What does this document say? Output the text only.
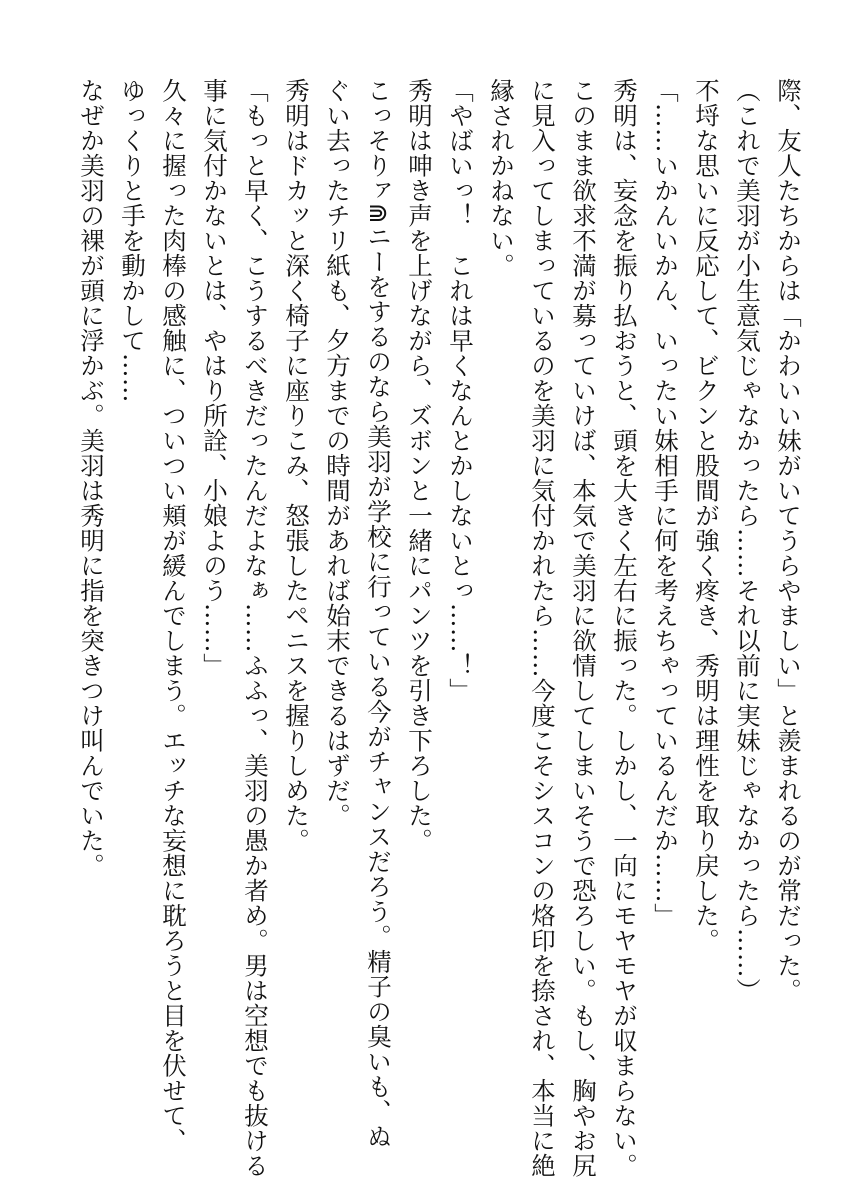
際、友人たちからは「かわいい妹がいてうらやましい」と羨まれるのが常だった。

（これで美羽が小生意気じゃなかったら……それ以前に実妹じゃなかったら……）

不埒な思いに反応して、ビクンと股間が強く疼き、秀明は理性を取り戻した。

「……いかんいかん、いったい妹相手に何を考えちゃっているんだか……」

秀明は、妄念を振り払おうと、頭を大きく左右に振った。しかし、一向にモヤモヤが収まらない。

このまま欲求不満が募っていけば、本気で美羽に欲情してしまいそうで恐ろしい。もし、胸やお尻

に見入ってしまっているのを美羽に気付かれたら……今度こそシスコンの烙印を捺され、本当に絶

縁されかねない。

「やばいっ！　これは早くなんとかしないとっ……！」

秀明は呻き声を上げながら、ズボンと一緒にパンツを引き下ろした。

こっそりァ⋒ニーをするのなら美羽が学校に行っている今がチャンスだろう。精子の臭いも、ぬ

ぐい去ったチリ紙も、夕方までの時間があれば始末できるはずだ。

秀明はドカッと深く椅子に座りこみ、怒張したペニスを握りしめた。

「もっと早く、こうするべきだったんだよなぁ……ふふっ、美羽の愚か者め。男は空想でも抜ける

事に気付かないとは、やはり所詮、小娘よのう……」

久々に握った肉棒の感触に、ついつい頬が緩んでしまう。エッチな妄想に耽ろうと目を伏せて、

ゆっくりと手を動かして……

なぜか美羽の裸が頭に浮かぶ。美羽は秀明に指を突きつけ叫んでいた。
